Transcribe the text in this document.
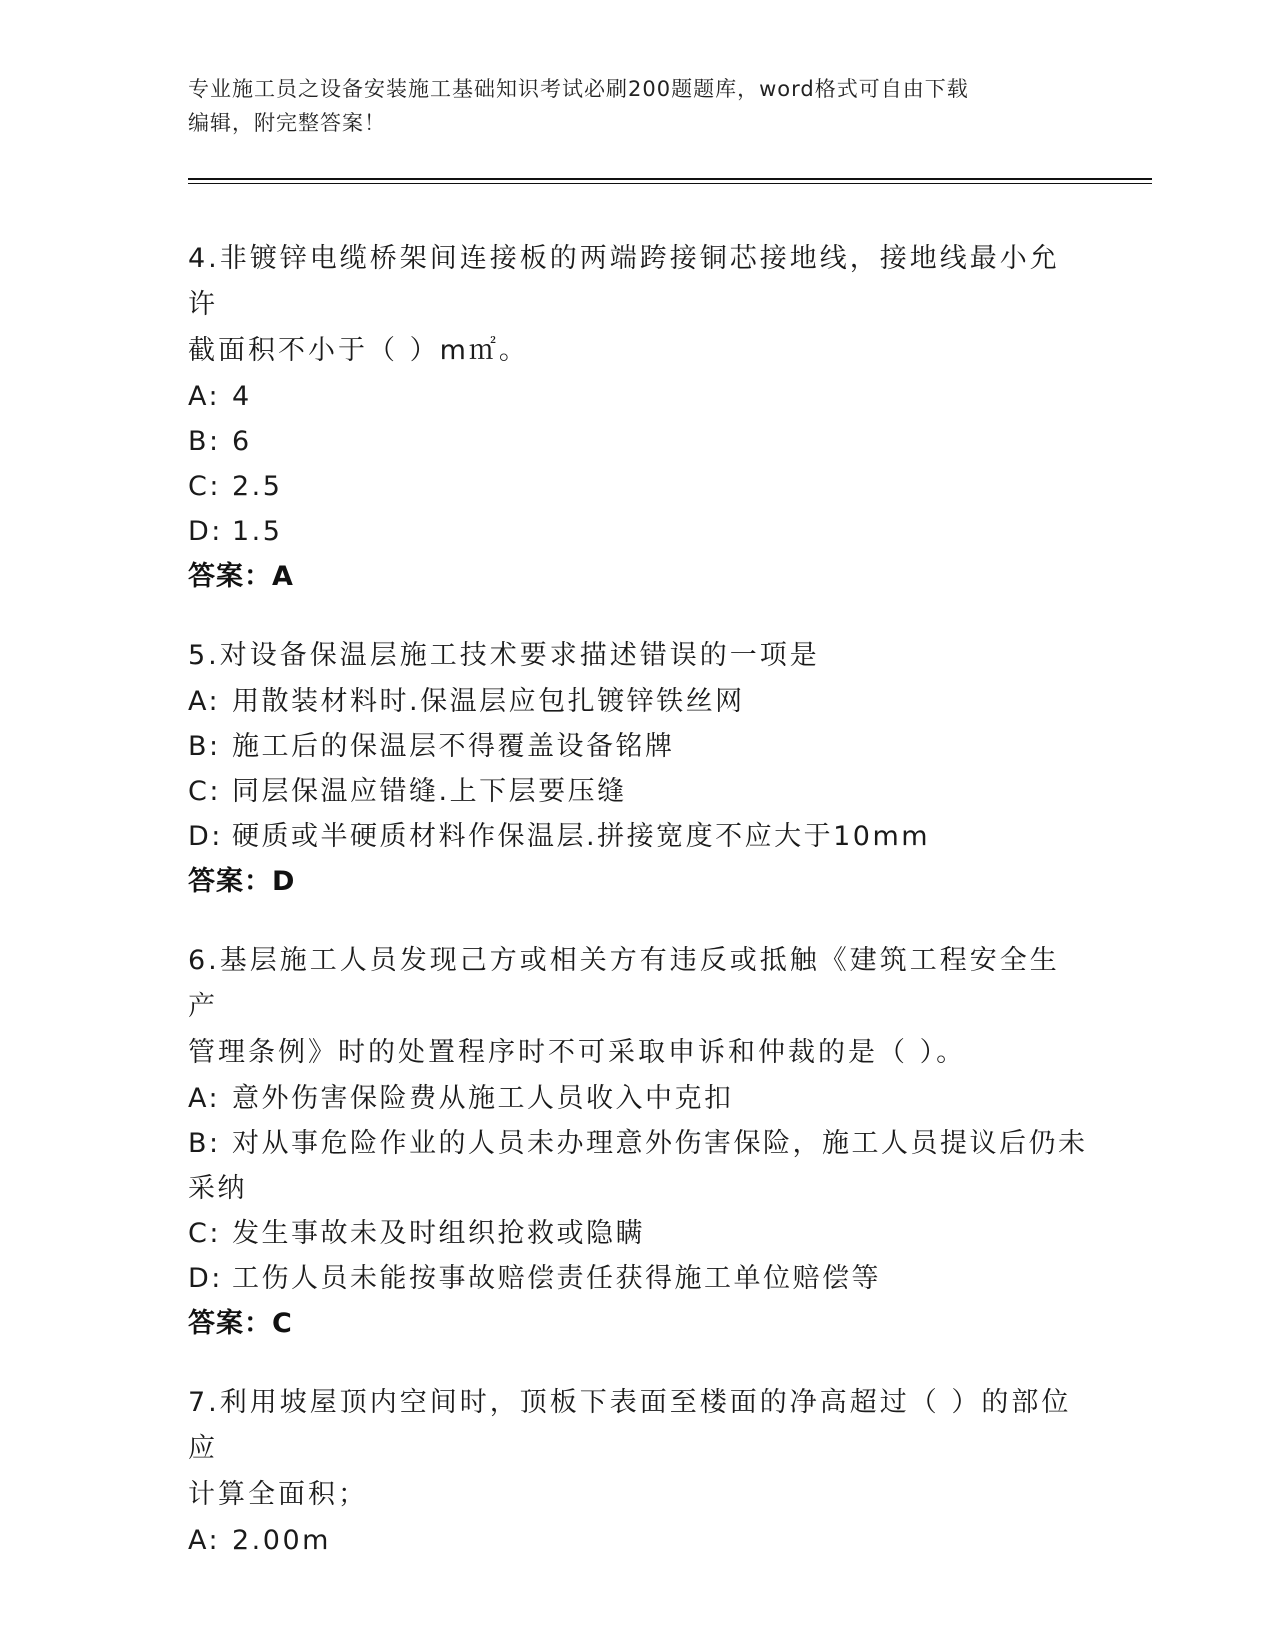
专业施工员之设备安装施工基础知识考试必刷200题题库，word格式可自由下载
编辑，附完整答案！

4.非镀锌电缆桥架间连接板的两端跨接铜芯接地线，接地线最小允许

截面积不小于（ ）m㎡。

A: 4

B: 6

C: 2.5

D: 1.5

答案：A

5.对设备保温层施工技术要求描述错误的一项是

A: 用散装材料时.保温层应包扎镀锌铁丝网

B: 施工后的保温层不得覆盖设备铭牌

C: 同层保温应错缝.上下层要压缝

D: 硬质或半硬质材料作保温层.拼接宽度不应大于10mm

答案：D

6.基层施工人员发现己方或相关方有违反或抵触《建筑工程安全生产

管理条例》时的处置程序时不可采取申诉和仲裁的是（ ）。

A: 意外伤害保险费从施工人员收入中克扣

B: 对从事危险作业的人员未办理意外伤害保险，施工人员提议后仍未

采纳

C: 发生事故未及时组织抢救或隐瞒

D: 工伤人员未能按事故赔偿责任获得施工单位赔偿等

答案：C

7.利用坡屋顶内空间时，顶板下表面至楼面的净高超过（ ）的部位应

计算全面积；

A: 2.00m
